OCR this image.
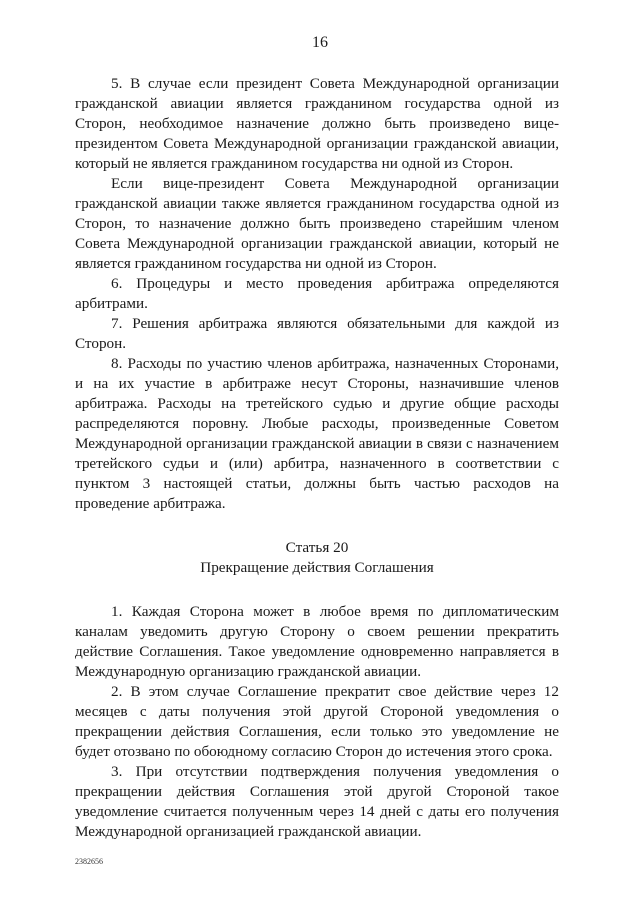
16

5. В случае если президент Совета Международной организации гражданской авиации является гражданином государства одной из Сторон, необходимое назначение должно быть произведено вице-президентом Совета Международной организации гражданской авиации, который не является гражданином государства ни одной из Сторон.

Если вице-президент Совета Международной организации гражданской авиации также является гражданином государства одной из Сторон, то назначение должно быть произведено старейшим членом Совета Международной организации гражданской авиации, который не является гражданином государства ни одной из Сторон.

6. Процедуры и место проведения арбитража определяются арбитрами.

7. Решения арбитража являются обязательными для каждой из Сторон.

8. Расходы по участию членов арбитража, назначенных Сторонами, и на их участие в арбитраже несут Стороны, назначившие членов арбитража. Расходы на третейского судью и другие общие расходы распределяются поровну. Любые расходы, произведенные Советом Международной организации гражданской авиации в связи с назначением третейского судьи и (или) арбитра, назначенного в соответствии с пунктом 3 настоящей статьи, должны быть частью расходов на проведение арбитража.

Статья 20

Прекращение действия Соглашения

1. Каждая Сторона может в любое время по дипломатическим каналам уведомить другую Сторону о своем решении прекратить действие Соглашения. Такое уведомление одновременно направляется в Международную организацию гражданской авиации.

2. В этом случае Соглашение прекратит свое действие через 12 месяцев с даты получения этой другой Стороной уведомления о прекращении действия Соглашения, если только это уведомление не будет отозвано по обоюдному согласию Сторон до истечения этого срока.

3. При отсутствии подтверждения получения уведомления о прекращении действия Соглашения этой другой Стороной такое уведомление считается полученным через 14 дней с даты его получения Международной организацией гражданской авиации.

2382656
